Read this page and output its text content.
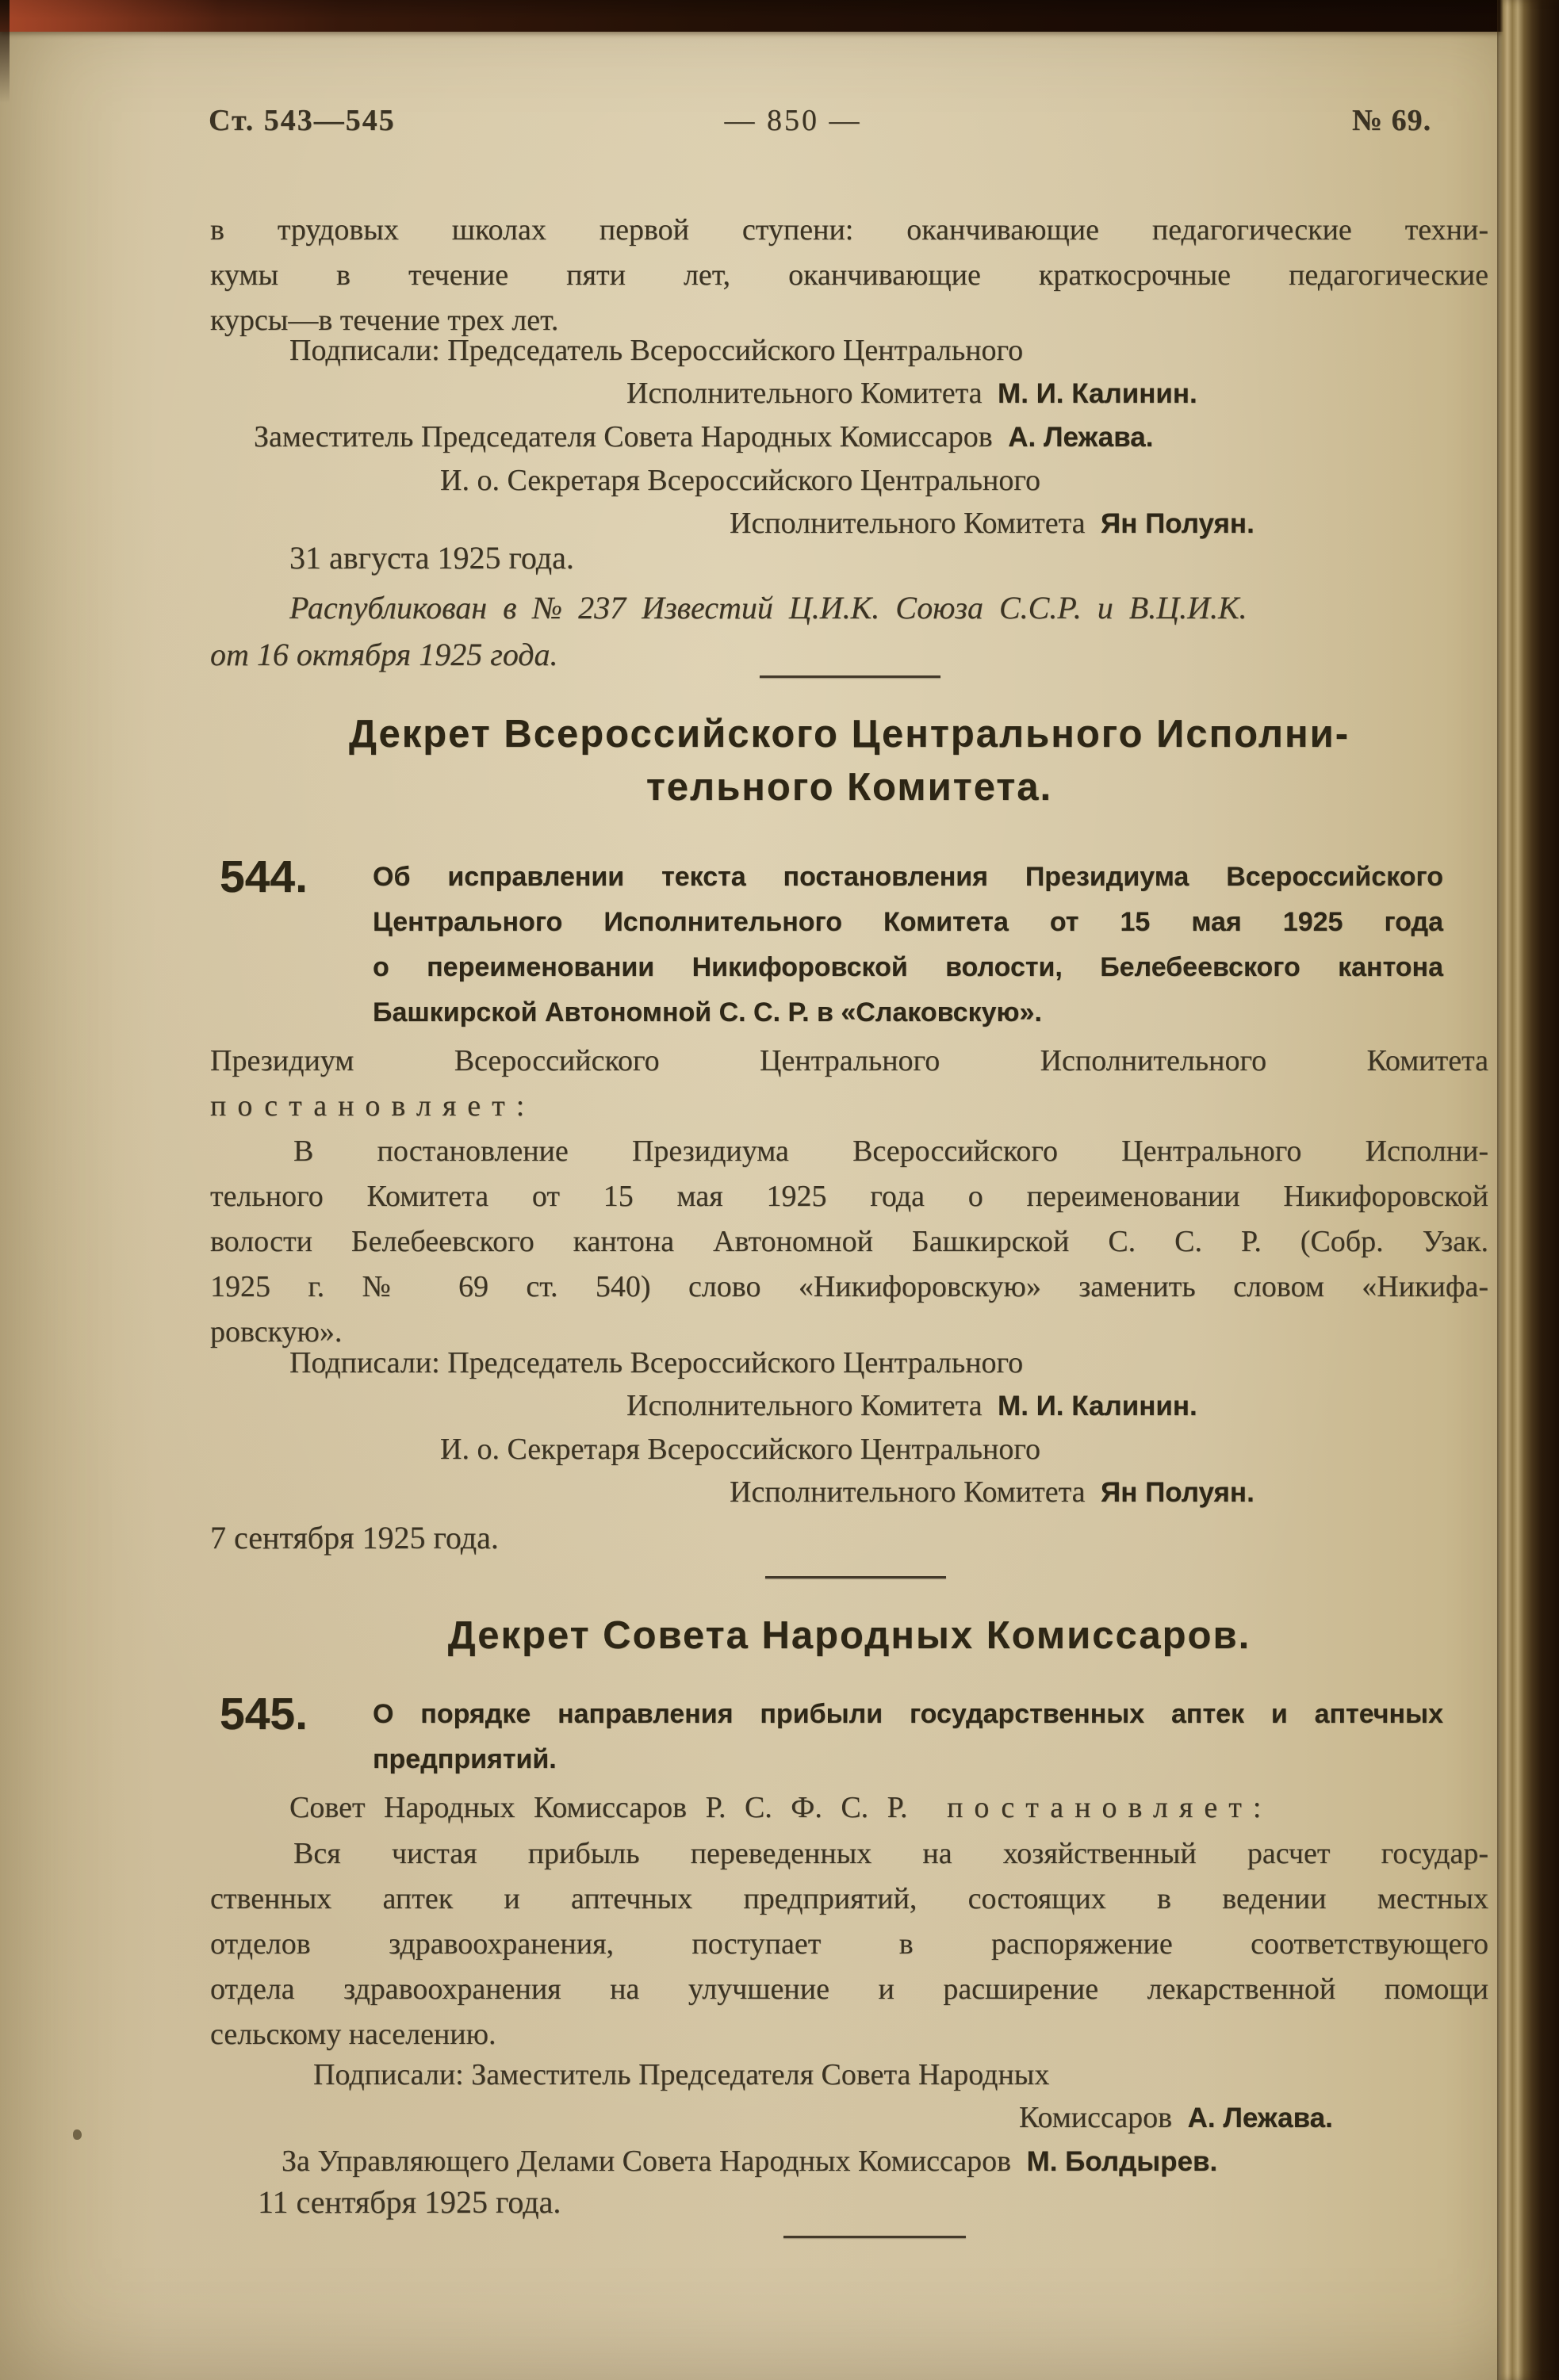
Ст. 543—545	— 850 —	№ 69.
в трудовых школах первой ступени: оканчивающие педагогические техни-
кумы в течение пяти лет, оканчивающие краткосрочные педагогические
курсы—в течение трех лет.
Подписали: Председатель Всероссийского Центрального
Исполнительного Комитета М. И. Калинин.
Заместитель Председателя Совета Народных Комиссаров А. Лежава.
И. о. Секретаря Всероссийского Центрального
Исполнительного Комитета Ян Полуян.
31 августа 1925 года.
Распубликован в № 237 Известий Ц.И.К. Союза С.С.Р. и В.Ц.И.К.
от 16 октября 1925 года.
Декрет Всероссийского Центрального Исполни-
тельного Комитета.
544. Об исправлении текста постановления Президиума Всероссийского
Центрального Исполнительного Комитета от 15 мая 1925 года
о переименовании Никифоровской волости, Белебеевского кантона
Башкирской Автономной С. С. Р. в «Слаковскую».
Президиум Всероссийского Центрального Исполнительного Комитета
постановляет:
В постановление Президиума Всероссийского Центрального Исполни-
тельного Комитета от 15 мая 1925 года о переименовании Никифоровской
волости Белебеевского кантона Автономной Башкирской С. С. Р. (Собр. Узак.
1925 г. № 69 ст. 540) слово «Никифоровскую» заменить словом «Никифа-
ровскую».
Подписали: Председатель Всероссийского Центрального
Исполнительного Комитета М. И. Калинин.
И. о. Секретаря Всероссийского Центрального
Исполнительного Комитета Ян Полуян.
7 сентября 1925 года.
Декрет Совета Народных Комиссаров.
545. О порядке направления прибыли государственных аптек и аптечных
предприятий.
Совет Народных Комиссаров Р. С. Ф. С. Р. постановляет:
Вся чистая прибыль переведенных на хозяйственный расчет государ-
ственных аптек и аптечных предприятий, состоящих в ведении местных
отделов здравоохранения, поступает в распоряжение соответствующего
отдела здравоохранения на улучшение и расширение лекарственной помощи
сельскому населению.
Подписали: Заместитель Председателя Совета Народных
Комиссаров А. Лежава.
За Управляющего Делами Совета Народных Комиссаров М. Болдырев.
11 сентября 1925 года.
